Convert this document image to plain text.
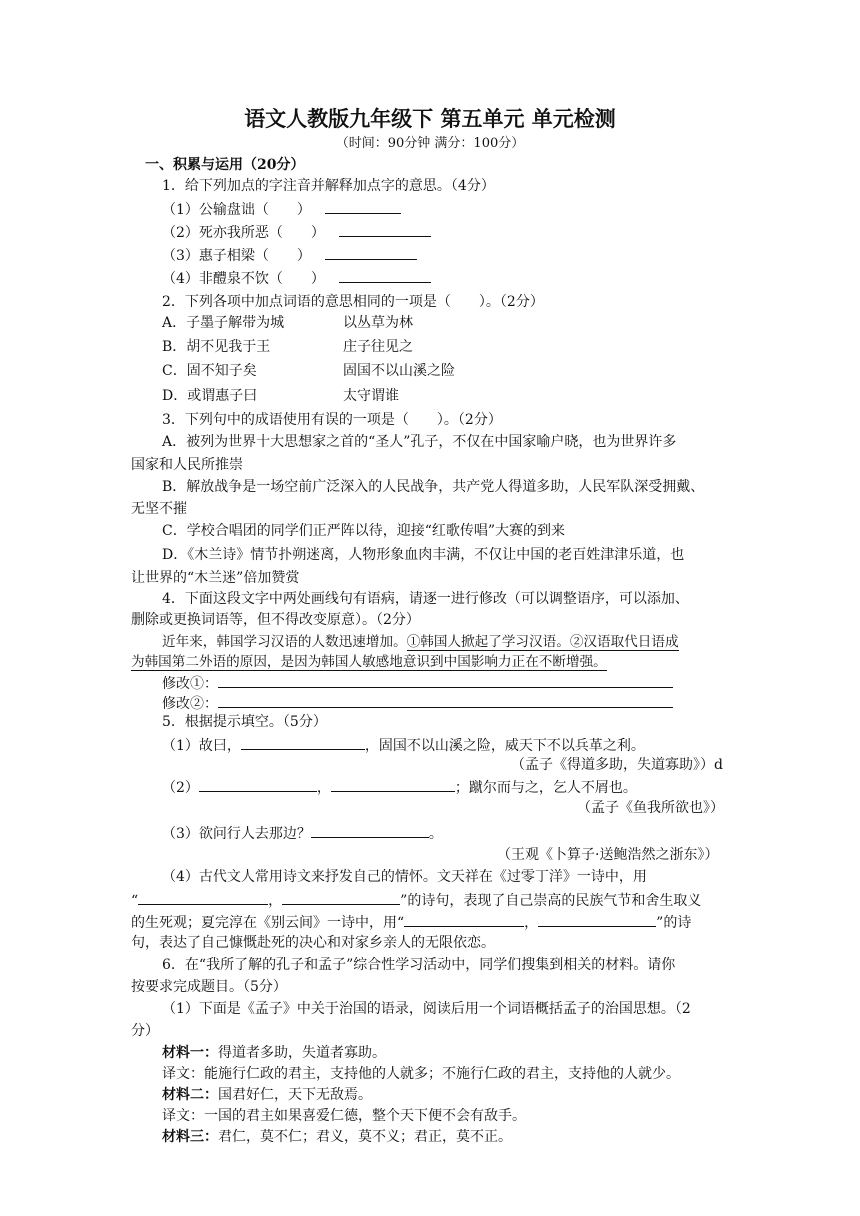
语文人教版九年级下 第五单元 单元检测
（时间：90分钟 满分：100分）
一、积累与运用（20分）
1．给下列加点的字注音并解释加点字的意思。（4分）
（1）公输盘诎（　　）
（2）死亦我所恶（　　）
（3）惠子相梁（　　）
（4）非醴泉不饮（　　）
2．下列各项中加点词语的意思相同的一项是（　　）。（2分）
A．子墨子解带为城	以丛草为林
B．胡不见我于王	庄子往见之
C．固不知子矣	固国不以山溪之险
D．或谓惠子曰	太守谓谁
3．下列句中的成语使用有误的一项是（　　）。（2分）
A．被列为世界十大思想家之首的“圣人”孔子，不仅在中国家喻户晓，也为世界许多
国家和人民所推崇
B．解放战争是一场空前广泛深入的人民战争，共产党人得道多助，人民军队深受拥戴、
无坚不摧
C．学校合唱团的同学们正严阵以待，迎接“红歌传唱”大赛的到来
D．《木兰诗》情节扑朔迷离，人物形象血肉丰满，不仅让中国的老百姓津津乐道，也
让世界的“木兰迷”倍加赞赏
4．下面这段文字中两处画线句有语病，请逐一进行修改（可以调整语序，可以添加、
删除或更换词语等，但不得改变原意）。（2分）
近年来，韩国学习汉语的人数迅速增加。①韩国人掀起了学习汉语。②汉语取代日语成
为韩国第二外语的原因，是因为韩国人敏感地意识到中国影响力正在不断增强。
修改①：
修改②：
5．根据提示填空。（5分）
（1）故曰，	，固国不以山溪之险，威天下不以兵革之利。
（孟子《得道多助，失道寡助》）d
（2）	，	；蹴尔而与之，乞人不屑也。
（孟子《鱼我所欲也》）
（3）欲问行人去那边？	。
（王观《卜算子·送鲍浩然之浙东》）
（4）古代文人常用诗文来抒发自己的情怀。文天祥在《过零丁洋》一诗中，用
“	，	”的诗句，表现了自己崇高的民族气节和舍生取义
的生死观；夏完淳在《别云间》一诗中，用“	，	”的诗
句，表达了自己慷慨赴死的决心和对家乡亲人的无限依恋。
6．在“我所了解的孔子和孟子”综合性学习活动中，同学们搜集到相关的材料。请你
按要求完成题目。（5分）
（1）下面是《孟子》中关于治国的语录，阅读后用一个词语概括孟子的治国思想。（2
分）
材料一：得道者多助，失道者寡助。
译文：能施行仁政的君主，支持他的人就多；不施行仁政的君主，支持他的人就少。
材料二：国君好仁，天下无敌焉。
译文：一国的君主如果喜爱仁德，整个天下便不会有敌手。
材料三：君仁，莫不仁；君义，莫不义；君正，莫不正。
